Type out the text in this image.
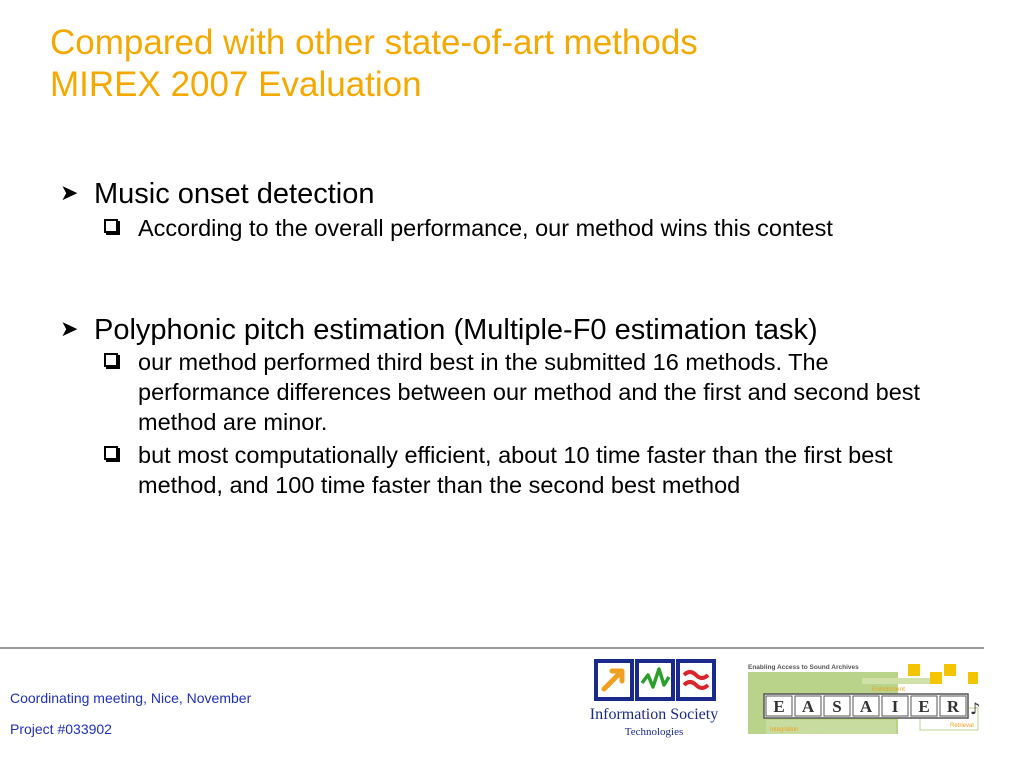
Compared with other state-of-art methods
MIREX 2007 Evaluation
➤ Music onset detection
According to the overall performance, our method wins this contest
➤ Polyphonic pitch estimation (Multiple-F0 estimation task)
our method performed third best in the submitted 16 methods. The performance differences between our method and the first and second best method are minor.
but most computationally efficient, about 10 time faster than the first best method, and 100 time faster than the second best method
Coordinating meeting, Nice, November
Project #033902
Information Society
Technologies
Enabling Access to Sound Archives
Enrichment
E A S A I E R ♪
Retrieval
Integration
